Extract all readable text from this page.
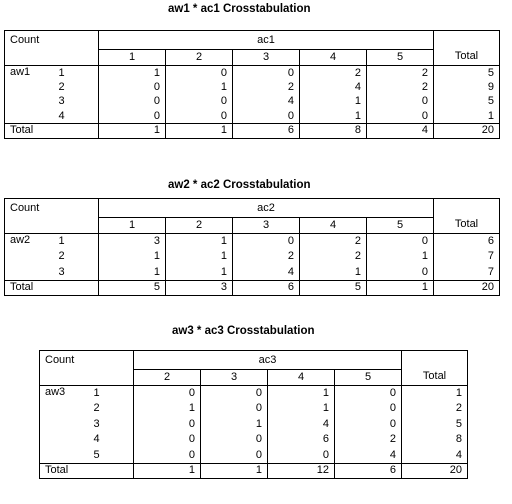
aw1 * ac1 Crosstabulation
Count		ac1					Total
		1	2	3	4	5	
aw1	1	1	0	0	2	2	5
	2	0	1	2	4	2	9
	3	0	0	4	1	0	5
	4	0	0	0	1	0	1
Total		1	1	6	8	4	20
aw2 * ac2 Crosstabulation
Count		ac2					Total
		1	2	3	4	5	
aw2	1	3	1	0	2	0	6
	2	1	1	2	2	1	7
	3	1	1	4	1	0	7
Total		5	3	6	5	1	20
aw3 * ac3 Crosstabulation
Count		ac3				Total
		2	3	4	5	
aw3	1	0	0	1	0	1
	2	1	0	1	0	2
	3	0	1	4	0	5
	4	0	0	6	2	8
	5	0	0	0	4	4
Total		1	1	12	6	20
